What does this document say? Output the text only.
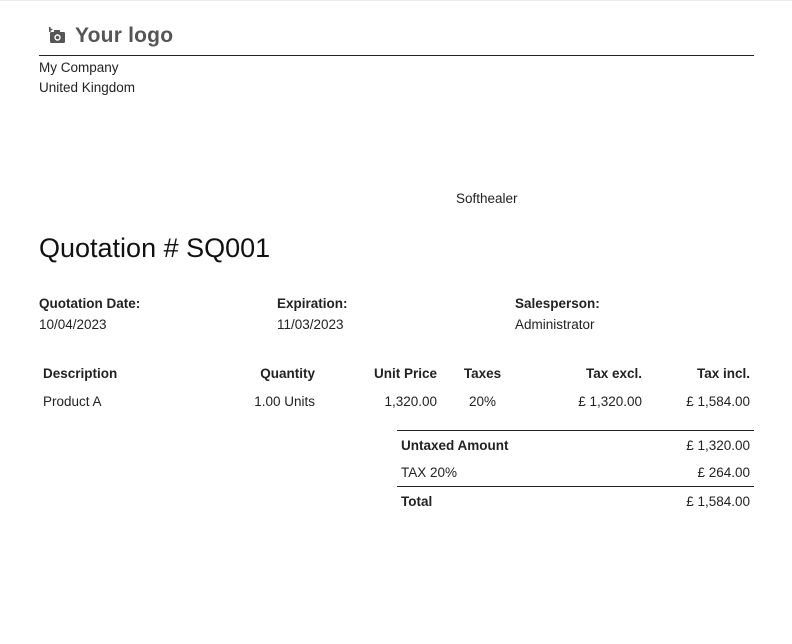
Your logo
My Company
United Kingdom
Softhealer
Quotation # SQ001
Quotation Date:
10/04/2023
Expiration:
11/03/2023
Salesperson:
Administrator
Description	Quantity	Unit Price	Taxes	Tax excl.	Tax incl.
Product A	1.00 Units	1,320.00	20%	£ 1,320.00	£ 1,584.00
Untaxed Amount	£ 1,320.00
TAX 20%	£ 264.00
Total	£ 1,584.00
